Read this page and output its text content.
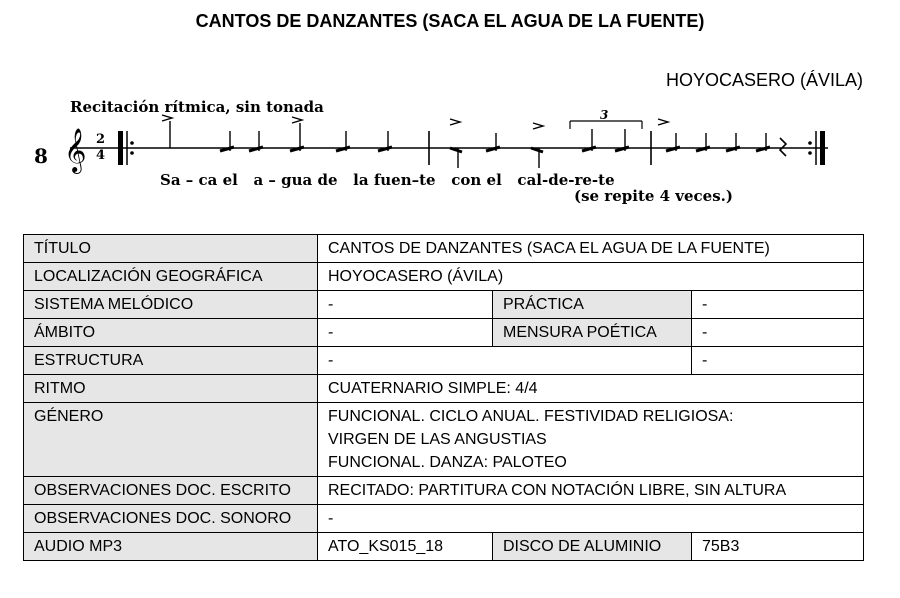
CANTOS DE DANZANTES (SACA EL AGUA DE LA FUENTE)
HOYOCASERO (ÁVILA)
8
Recitación rítmica, sin tonada
𝄞 2
4
3
Sa – ca el   a – gua de   la fuen–te   con el   cal-de-re-te
(se repite 4 veces.)
TÍTULO	CANTOS DE DANZANTES (SACA EL AGUA DE LA FUENTE)		
LOCALIZACIÓN GEOGRÁFICA	HOYOCASERO (ÁVILA)		
SISTEMA MELÓDICO	-	PRÁCTICA	-
ÁMBITO	-	MENSURA POÉTICA	-
ESTRUCTURA	-		-
RITMO	CUATERNARIO SIMPLE: 4/4		
GÉNERO	FUNCIONAL. CICLO ANUAL. FESTIVIDAD RELIGIOSA:
VIRGEN DE LAS ANGUSTIAS
FUNCIONAL. DANZA: PALOTEO		

OBSERVACIONES DOC. ESCRITO	RECITADO: PARTITURA CON NOTACIÓN LIBRE, SIN ALTURA		
OBSERVACIONES DOC. SONORO	-		
AUDIO MP3	ATO_KS015_18	DISCO DE ALUMINIO	75B3
